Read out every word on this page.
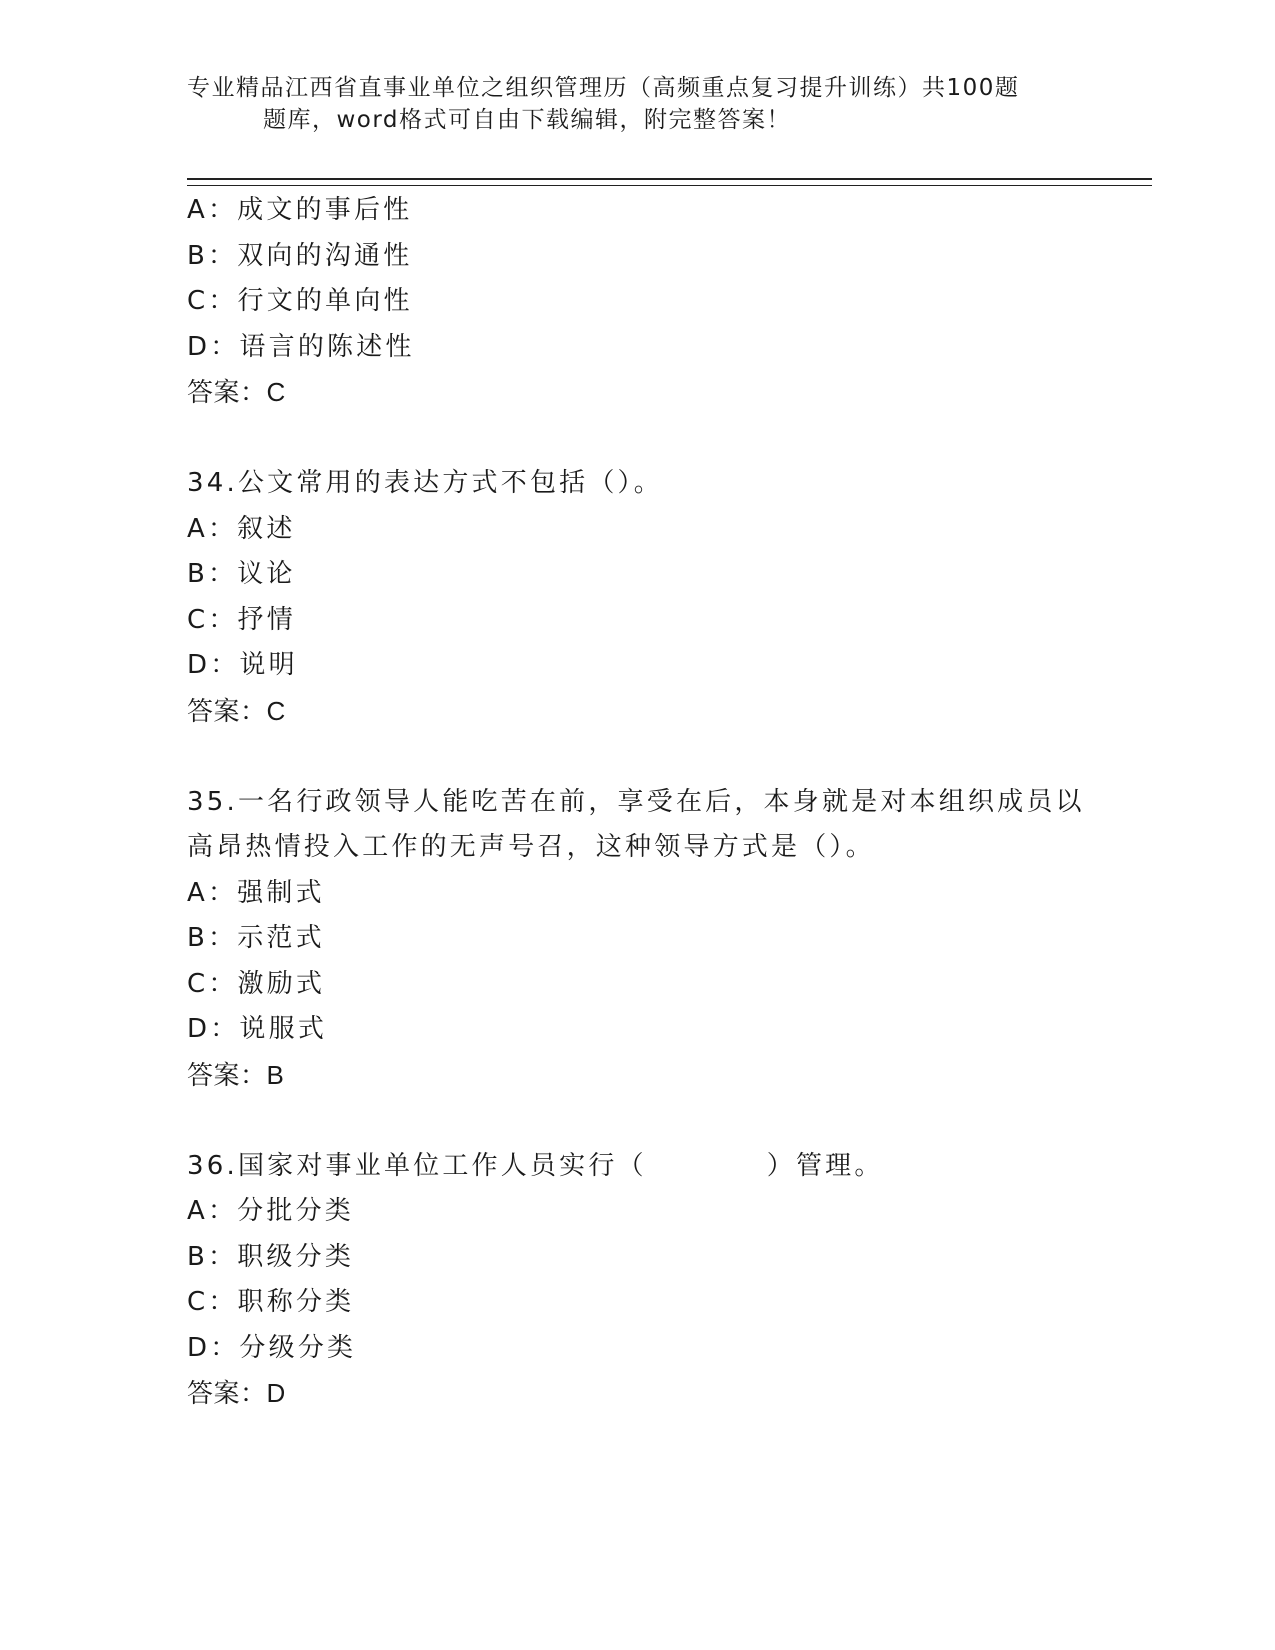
专业精品江西省直事业单位之组织管理历（高频重点复习提升训练）共100题
题库，word格式可自由下载编辑，附完整答案！
A：成文的事后性
B：双向的沟通性
C：行文的单向性
D：语言的陈述性
答案：C
34.公文常用的表达方式不包括（）。
A：叙述
B：议论
C：抒情
D：说明
答案：C
35.一名行政领导人能吃苦在前，享受在后，本身就是对本组织成员以
高昂热情投入工作的无声号召，这种领导方式是（）。
A：强制式
B：示范式
C：激励式
D：说服式
答案：B
36.国家对事业单位工作人员实行（	）管理。
A：分批分类
B：职级分类
C：职称分类
D：分级分类
答案：D
